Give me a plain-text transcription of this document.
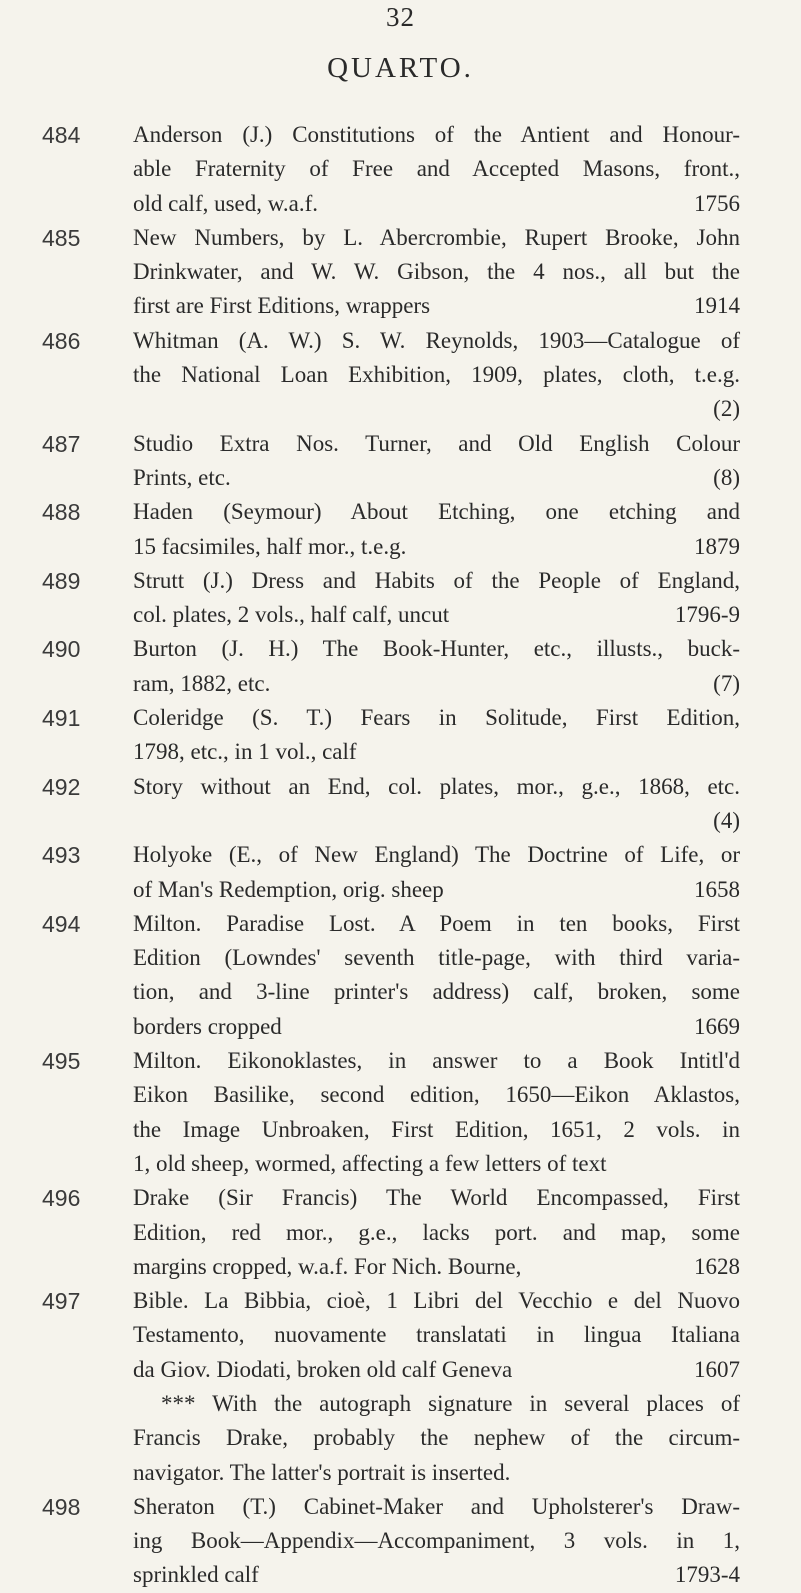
32
QUARTO.
484 Anderson (J.) Constitutions of the Antient and Honour-
able Fraternity of Free and Accepted Masons, front.,
old calf, used, w.a.f.	1756
485 New Numbers, by L. Abercrombie, Rupert Brooke, John
Drinkwater, and W. W. Gibson, the 4 nos., all but the
first are First Editions, wrappers	1914
486 Whitman (A. W.) S. W. Reynolds, 1903—Catalogue of
the National Loan Exhibition, 1909, plates, cloth, t.e.g.
(2)
487 Studio Extra Nos. Turner, and Old English Colour
Prints, etc.	(8)
488 Haden (Seymour) About Etching, one etching and
15 facsimiles, half mor., t.e.g.	1879
489 Strutt (J.) Dress and Habits of the People of England,
col. plates, 2 vols., half calf, uncut	1796-9
490 Burton (J. H.) The Book-Hunter, etc., illusts., buck-
ram, 1882, etc.	(7)
491 Coleridge (S. T.) Fears in Solitude, First Edition,
1798, etc., in 1 vol., calf
492 Story without an End, col. plates, mor., g.e., 1868, etc.
(4)
493 Holyoke (E., of New England) The Doctrine of Life, or
of Man's Redemption, orig. sheep	1658
494 Milton. Paradise Lost. A Poem in ten books, First
Edition (Lowndes' seventh title-page, with third varia-
tion, and 3-line printer's address) calf, broken, some
borders cropped	1669
495 Milton. Eikonoklastes, in answer to a Book Intitl'd
Eikon Basilike, second edition, 1650—Eikon Aklastos,
the Image Unbroaken, First Edition, 1651, 2 vols. in
1, old sheep, wormed, affecting a few letters of text
496 Drake (Sir Francis) The World Encompassed, First
Edition, red mor., g.e., lacks port. and map, some
margins cropped, w.a.f. For Nich. Bourne,	1628
497 Bible. La Bibbia, cioè, 1 Libri del Vecchio e del Nuovo
Testamento, nuovamente translatati in lingua Italiana
da Giov. Diodati, broken old calf Geneva	1607
*** With the autograph signature in several places of
Francis Drake, probably the nephew of the circum-
navigator. The latter's portrait is inserted.
498 Sheraton (T.) Cabinet-Maker and Upholsterer's Draw-
ing Book—Appendix—Accompaniment, 3 vols. in 1,
sprinkled calf	1793-4
